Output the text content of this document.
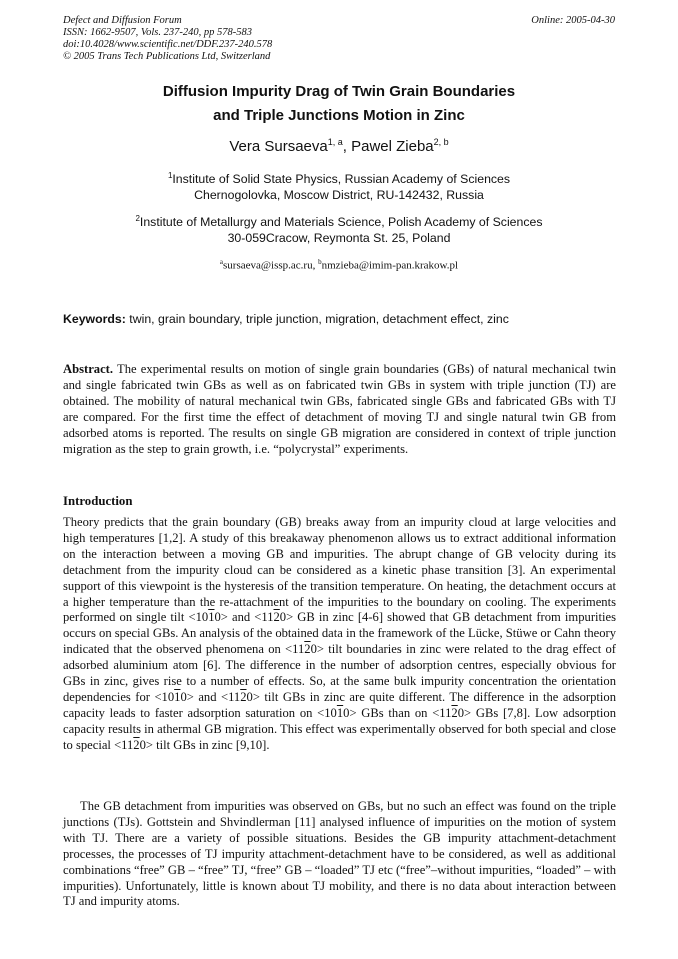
Defect and Diffusion Forum
ISSN: 1662-9507, Vols. 237-240, pp 578-583
doi:10.4028/www.scientific.net/DDF.237-240.578
© 2005 Trans Tech Publications Ltd, Switzerland
Online: 2005-04-30
Diffusion Impurity Drag of Twin Grain Boundaries
and Triple Junctions Motion in Zinc
Vera Sursaeva$^{1, a}$, Pawel Zieba$^{2, b}$
$^1$Institute of Solid State Physics, Russian Academy of Sciences
Chernogolovka, Moscow District, RU-142432, Russia
$^2$Institute of Metallurgy and Materials Science, Polish Academy of Sciences
30-059Cracow, Reymonta St. 25, Poland
$^a$sursaeva@issp.ac.ru, $^b$nmzieba@imim-pan.krakow.pl
Keywords: twin, grain boundary, triple junction, migration, detachment effect, zinc
Abstract. The experimental results on motion of single grain boundaries (GBs) of natural mechanical twin and single fabricated twin GBs as well as on fabricated twin GBs in system with triple junction (TJ) are obtained. The mobility of natural mechanical twin GBs, fabricated single GBs and fabricated GBs with TJ are compared. For the first time the effect of detachment of moving TJ and single natural twin GB from adsorbed atoms is reported. The results on single GB migration are considered in context of triple junction migration as the step to grain growth, i.e. “polycrystal” experiments.
Introduction
Theory predicts that the grain boundary (GB) breaks away from an impurity cloud at large velocities and high temperatures [1,2]. A study of this breakaway phenomenon allows us to extract additional information on the interaction between a moving GB and impurities. The abrupt change of GB velocity during its detachment from the impurity cloud can be considered as a kinetic phase transition [3]. An experimental support of this viewpoint is the hysteresis of the transition temperature. On heating, the detachment occurs at a higher temperature than the re-attachment of the impurities to the boundary on cooling. The experiments performed on single tilt <1010> and <1120> GB in zinc [4-6] showed that GB detachment from impurities occurs on special GBs. An analysis of the obtained data in the framework of the Lücke, Stüwe or Cahn theory indicated that the observed phenomena on <1120> tilt boundaries in zinc were related to the drag effect of adsorbed aluminium atom [6]. The difference in the number of adsorption centres, especially obvious for GBs in zinc, gives rise to a number of effects. So, at the same bulk impurity concentration the orientation dependencies for <1010> and <1120> tilt GBs in zinc are quite different. The difference in the adsorption capacity leads to faster adsorption saturation on <1010> GBs than on <1120> GBs [7,8]. Low adsorption capacity results in athermal GB migration. This effect was experimentally observed for both special and close to special <1120> tilt GBs in zinc [9,10].
The GB detachment from impurities was observed on GBs, but no such an effect was found on the triple junctions (TJs). Gottstein and Shvindlerman [11] analysed influence of impurities on the motion of system with TJ. There are a variety of possible situations. Besides the GB impurity attachment-detachment processes, the processes of TJ impurity attachment-detachment have to be considered, as well as additional combinations “free” GB – “free” TJ, “free” GB – “loaded” TJ etc (“free”–without impurities, “loaded” – with impurities). Unfortunately, little is known about TJ mobility, and there is no data about interaction between TJ and impurity atoms.
